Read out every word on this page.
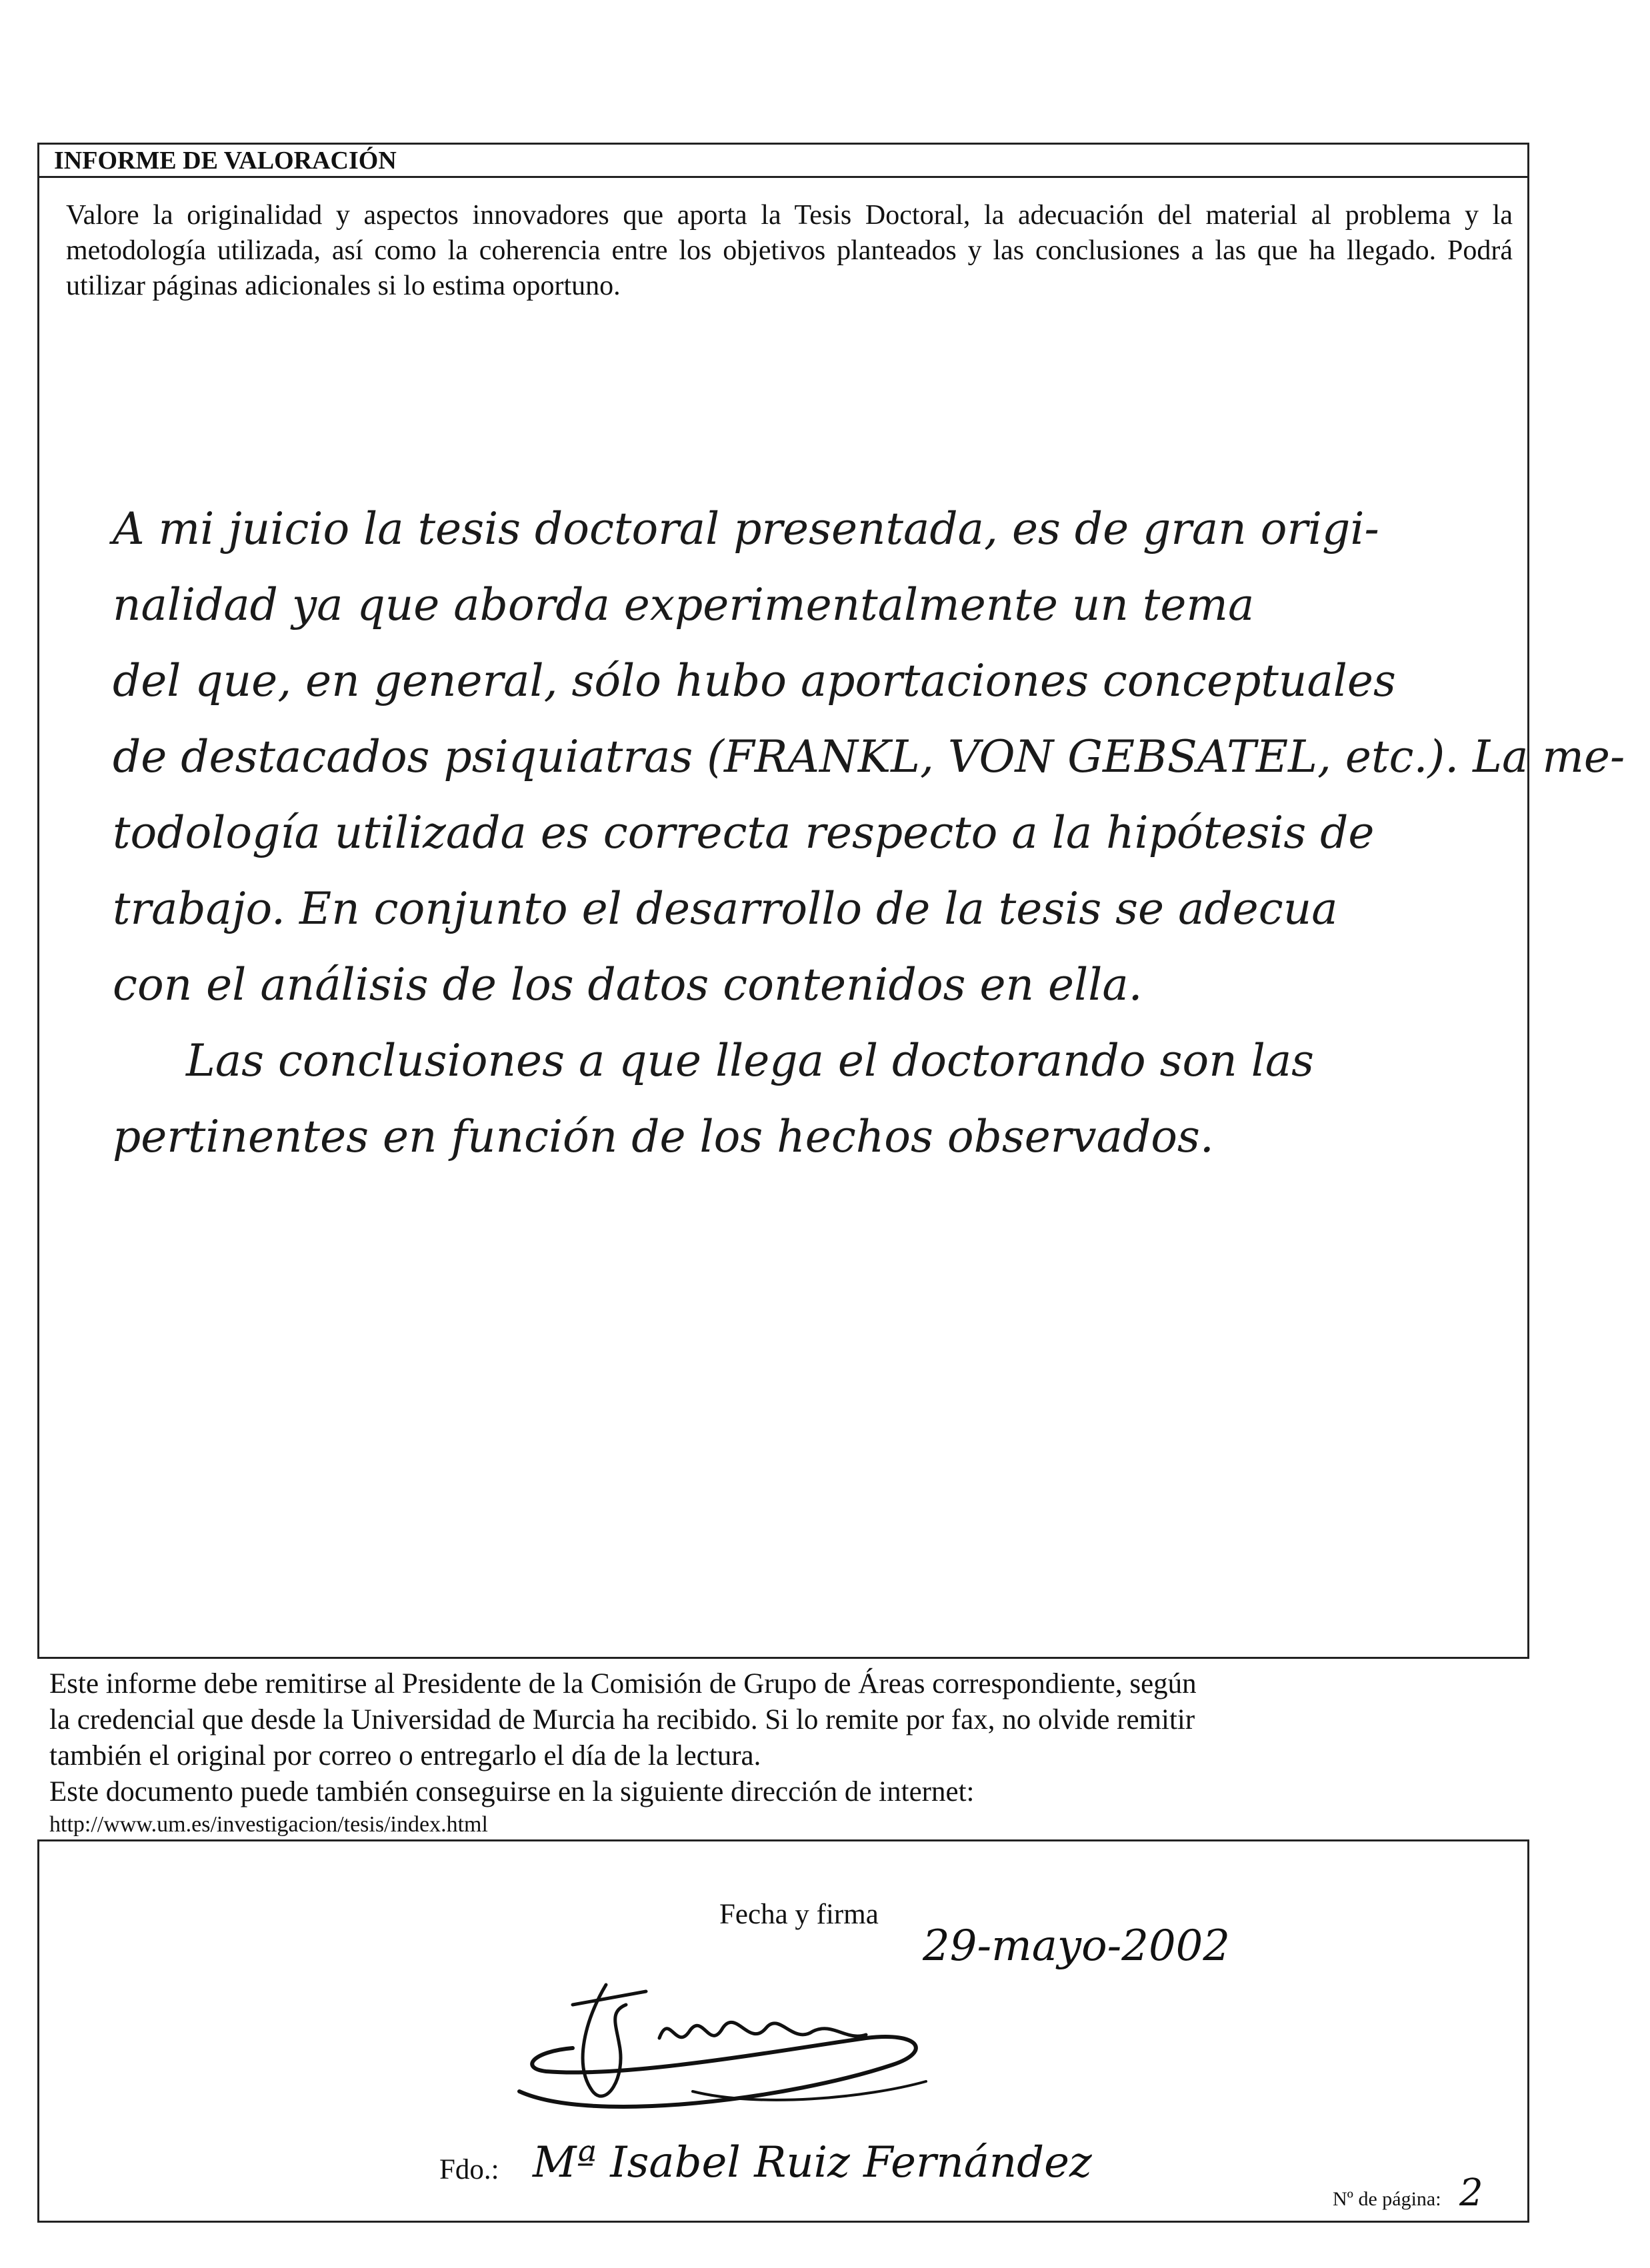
INFORME DE VALORACIÓN
Valore la originalidad y aspectos innovadores que aporta la Tesis Doctoral, la adecuación del material al problema y la metodología utilizada, así como la coherencia entre los objetivos planteados y las conclusiones a las que ha llegado. Podrá utilizar páginas adicionales si lo estima oportuno.
A mi juicio la tesis doctoral presentada, es de gran origi-
nalidad ya que aborda experimentalmente un tema
del que, en general, sólo hubo aportaciones conceptuales
de destacados psiquiatras (FRANKL, VON GEBSATEL, etc.). La me-
todología utilizada es correcta respecto a la hipótesis de
trabajo. En conjunto el desarrollo de la tesis se adecua
con el análisis de los datos contenidos en ella.
Las conclusiones a que llega el doctorando son las
pertinentes en función de los hechos observados.
Este informe debe remitirse al Presidente de la Comisión de Grupo de Áreas correspondiente, según
la credencial que desde la Universidad de Murcia ha recibido. Si lo remite por fax, no olvide remitir
también el original por correo o entregarlo el día de la lectura.
Este documento puede también conseguirse en la siguiente dirección de internet:
http://www.um.es/investigacion/tesis/index.html
Fecha y firma
29-mayo-2002
Fdo.: Mª Isabel Ruiz Fernández
Nº de página: 2
